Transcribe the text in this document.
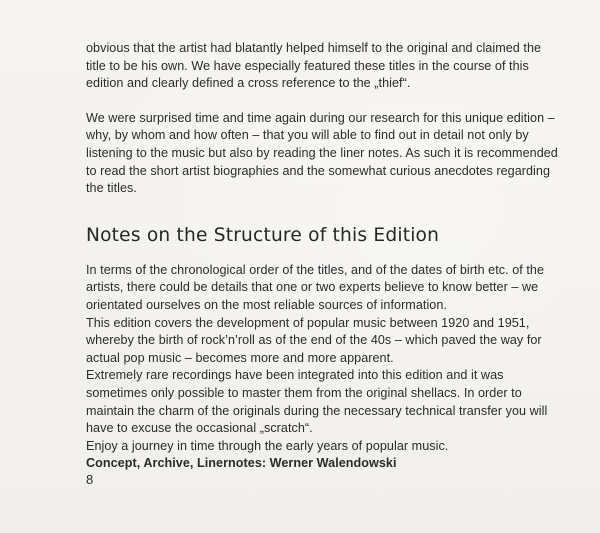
obvious that the artist had blatantly helped himself to the original and claimed the title to be his own. We have especially featured these titles in the course of this edition and clearly defined a cross reference to the „thief“.

We were surprised time and time again during our research for this unique edition – why, by whom and how often – that you will able to find out in detail not only by listening to the music but also by reading the liner notes. As such it is recommended to read the short artist biographies and the somewhat curious anecdotes regarding the titles.

Notes on the Structure of this Edition

In terms of the chronological order of the titles, and of the dates of birth etc. of the artists, there could be details that one or two experts believe to know better – we orientated ourselves on the most reliable sources of information.

This edition covers the development of popular music between 1920 and 1951, whereby the birth of rock’n’roll as of the end of the 40s – which paved the way for actual pop music – becomes more and more apparent.

Extremely rare recordings have been integrated into this edition and it was sometimes only possible to master them from the original shellacs. In order to maintain the charm of the originals during the necessary technical transfer you will have to excuse the occasional „scratch“.

Enjoy a journey in time through the early years of popular music.

Concept, Archive, Linernotes: Werner Walendowski

8
